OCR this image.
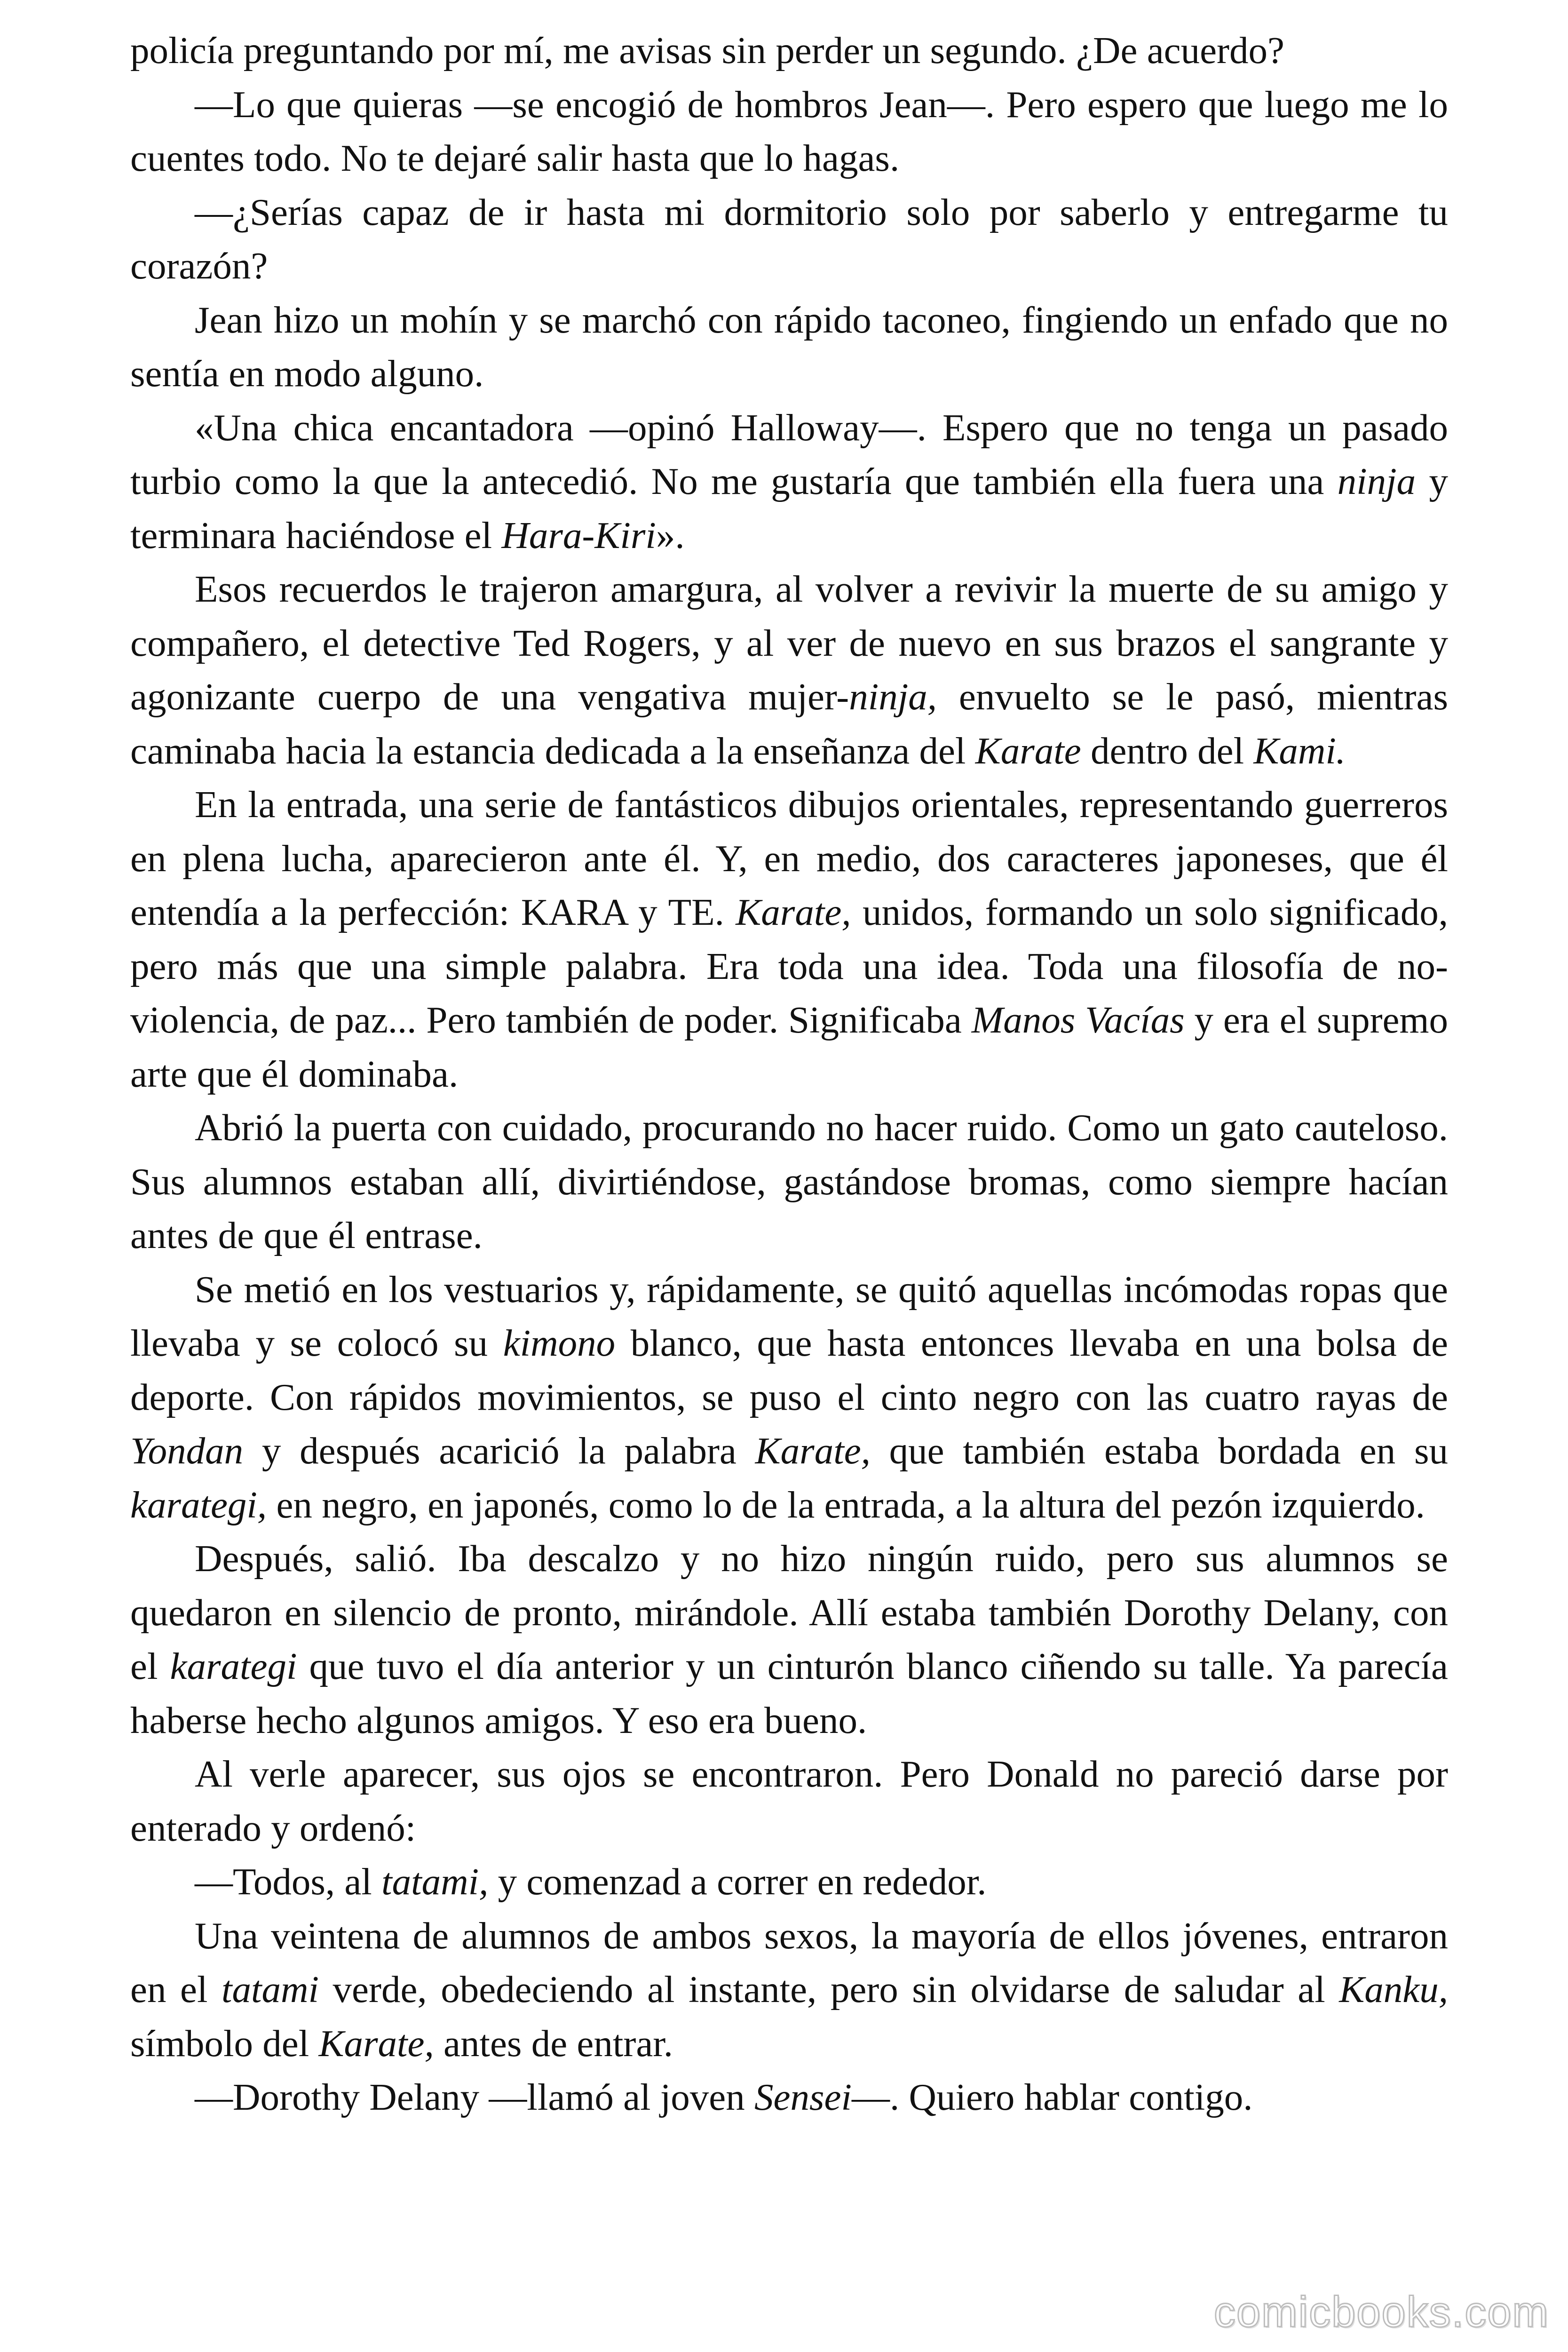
policía preguntando por mí, me avisas sin perder un segundo. ¿De acuerdo?

—Lo que quieras —se encogió de hombros Jean—. Pero espero que luego me lo cuentes todo. No te dejaré salir hasta que lo hagas.

—¿Serías capaz de ir hasta mi dormitorio solo por saberlo y entregarme tu corazón?

Jean hizo un mohín y se marchó con rápido taconeo, fingiendo un enfado que no sentía en modo alguno.

«Una chica encantadora —opinó Halloway—. Espero que no tenga un pasado turbio como la que la antecedió. No me gustaría que también ella fuera una ninja y terminara haciéndose el Hara-Kiri».

Esos recuerdos le trajeron amargura, al volver a revivir la muerte de su amigo y compañero, el detective Ted Rogers, y al ver de nuevo en sus brazos el sangrante y agonizante cuerpo de una vengativa mujer-ninja, envuelto se le pasó, mientras caminaba hacia la estancia dedicada a la enseñanza del Karate dentro del Kami.

En la entrada, una serie de fantásticos dibujos orientales, representando guerreros en plena lucha, aparecieron ante él. Y, en medio, dos caracteres japoneses, que él entendía a la perfección: KARA y TE. Karate, unidos, formando un solo significado, pero más que una simple palabra. Era toda una idea. Toda una filosofía de no-violencia, de paz... Pero también de poder. Significaba Manos Vacías y era el supremo arte que él dominaba.

Abrió la puerta con cuidado, procurando no hacer ruido. Como un gato cauteloso. Sus alumnos estaban allí, divirtiéndose, gastándose bromas, como siempre hacían antes de que él entrase.

Se metió en los vestuarios y, rápidamente, se quitó aquellas incómodas ropas que llevaba y se colocó su kimono blanco, que hasta entonces llevaba en una bolsa de deporte. Con rápidos movimientos, se puso el cinto negro con las cuatro rayas de Yondan y después acarició la palabra Karate, que también estaba bordada en su karategi, en negro, en japonés, como lo de la entrada, a la altura del pezón izquierdo.

Después, salió. Iba descalzo y no hizo ningún ruido, pero sus alumnos se quedaron en silencio de pronto, mirándole. Allí estaba también Dorothy Delany, con el karategi que tuvo el día anterior y un cinturón blanco ciñendo su talle. Ya parecía haberse hecho algunos amigos. Y eso era bueno.

Al verle aparecer, sus ojos se encontraron. Pero Donald no pareció darse por enterado y ordenó:

—Todos, al tatami, y comenzad a correr en rededor.

Una veintena de alumnos de ambos sexos, la mayoría de ellos jóvenes, entraron en el tatami verde, obedeciendo al instante, pero sin olvidarse de saludar al Kanku, símbolo del Karate, antes de entrar.

—Dorothy Delany —llamó al joven Sensei—. Quiero hablar contigo.

comicbooks.com
